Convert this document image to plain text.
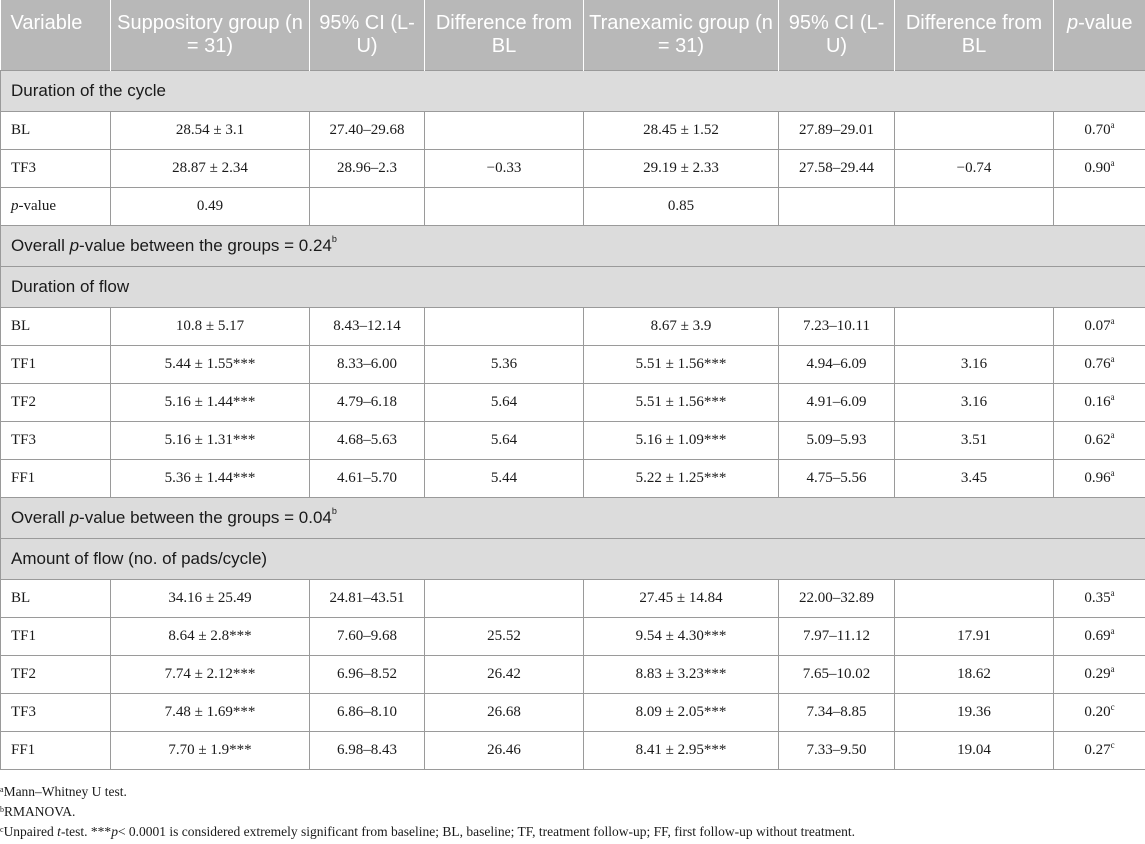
Variable	Suppository group (n = 31)	95% CI (L-U)	Difference from BL	Tranexamic group (n = 31)	95% CI (L-U)	Difference from BL	p-value

Duration of the cycle							
BL	28.54 ± 3.1	27.40–29.68		28.45 ± 1.52	27.89–29.01		0.70$^a$
TF3	28.87 ± 2.34	28.96–2.3	−0.33	29.19 ± 2.33	27.58–29.44	−0.74	0.90$^a$
p-value	0.49			0.85			
Overall p-value between the groups = 0.24$^b$
Duration of flow							
BL	10.8 ± 5.17	8.43–12.14		8.67 ± 3.9	7.23–10.11		0.07$^a$
TF1	5.44 ± 1.55***	8.33–6.00	5.36	5.51 ± 1.56***	4.94–6.09	3.16	0.76$^a$
TF2	5.16 ± 1.44***	4.79–6.18	5.64	5.51 ± 1.56***	4.91–6.09	3.16	0.16$^a$
TF3	5.16 ± 1.31***	4.68–5.63	5.64	5.16 ± 1.09***	5.09–5.93	3.51	0.62$^a$
FF1	5.36 ± 1.44***	4.61–5.70	5.44	5.22 ± 1.25***	4.75–5.56	3.45	0.96$^a$
Overall p-value between the groups = 0.04$^b$
Amount of flow (no. of pads/cycle)							
BL	34.16 ± 25.49	24.81–43.51		27.45 ± 14.84	22.00–32.89		0.35$^a$
TF1	8.64 ± 2.8***	7.60–9.68	25.52	9.54 ± 4.30***	7.97–11.12	17.91	0.69$^a$
TF2	7.74 ± 2.12***	6.96–8.52	26.42	8.83 ± 3.23***	7.65–10.02	18.62	0.29$^a$
TF3	7.48 ± 1.69***	6.86–8.10	26.68	8.09 ± 2.05***	7.34–8.85	19.36	0.20$^c$
FF1	7.70 ± 1.9***	6.98–8.43	26.46	8.41 ± 2.95***	7.33–9.50	19.04	0.27$^c$
$^a$Mann–Whitney U test.
$^b$RMANOVA.
$^c$Unpaired t-test. ***p< 0.0001 is considered extremely significant from baseline; BL, baseline; TF, treatment follow-up; FF, first follow-up without treatment.
